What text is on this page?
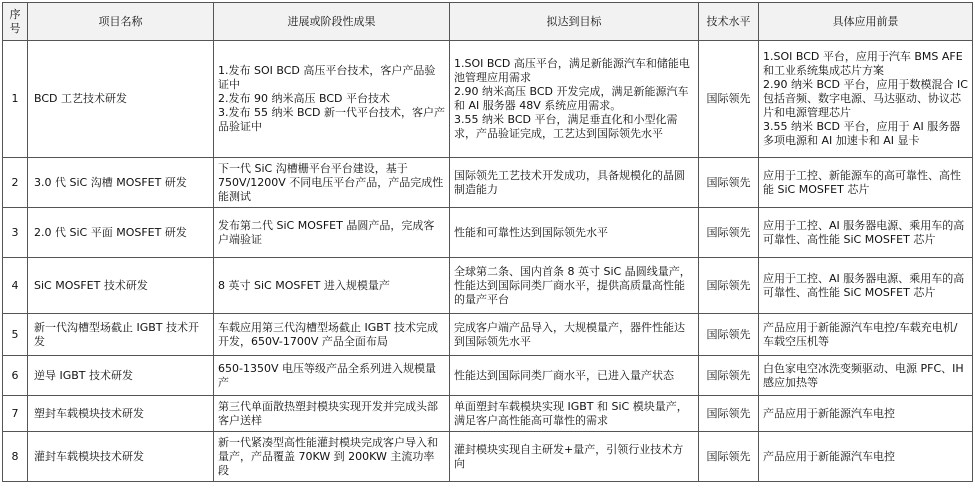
序号	项目名称	进展或阶段性成果	拟达到目标	技术水平	具体应用前景
1	BCD 工艺技术研发	1.发布 SOI BCD 高压平台技术，客户产品验证中
2.发布 90 纳米高压 BCD 平台技术
3.发布 55 纳米 BCD 新一代平台技术，客户产品验证中	1.SOI BCD 高压平台，满足新能源汽车和储能电池管理应用需求
2.90 纳米高压 BCD 开发完成，满足新能源汽车和 AI 服务器 48V 系统应用需求。
3.55 纳米 BCD 平台，满足垂直化和小型化需求，产品验证完成，工艺达到国际领先水平	国际领先	1.SOI BCD 平台，应用于汽车 BMS AFE 和工业系统集成芯片方案
2.90 纳米 BCD 平台，应用于数模混合 IC 包括音频、数字电源、马达驱动、协议芯片和电源管理芯片
3.55 纳米 BCD 平台，应用于 AI 服务器多项电源和 AI 加速卡和 AI 显卡
2	3.0 代 SiC 沟槽 MOSFET 研发	下一代 SiC 沟槽栅平台平台建设，基于 750V/1200V 不同电压平台产品，产品完成性能测试	国际领先工艺技术开发成功，具备规模化的晶圆制造能力	国际领先	应用于工控、新能源车的高可靠性、高性能 SiC MOSFET 芯片
3	2.0 代 SiC 平面 MOSFET 研发	发布第二代 SiC MOSFET 晶圆产品，完成客户端验证	性能和可靠性达到国际领先水平	国际领先	应用于工控、AI 服务器电源、乘用车的高可靠性、高性能 SiC MOSFET 芯片
4	SiC MOSFET 技术研发	8 英寸 SiC MOSFET 进入规模量产	全球第二条、国内首条 8 英寸 SiC 晶圆线量产，性能达到国际同类厂商水平，提供高质量高性能的量产平台	国际领先	应用于工控、AI 服务器电源、乘用车的高可靠性、高性能 SiC MOSFET 芯片
5	新一代沟槽型场截止 IGBT 技术开发	车载应用第三代沟槽型场截止 IGBT 技术完成开发，650V-1700V 产品全面布局	完成客户端产品导入，大规模量产，器件性能达到国际领先水平	国际领先	产品应用于新能源汽车电控/车载充电机/车载空压机等
6	逆导 IGBT 技术研发	650-1350V 电压等级产品全系列进入规模量产	性能达到国际同类厂商水平，已进入量产状态	国际领先	白色家电空冰洗变频驱动、电源 PFC、IH 感应加热等
7	塑封车载模块技术研发	第三代单面散热塑封模块实现开发并完成头部客户送样	单面塑封车载模块实现 IGBT 和 SiC 模块量产，满足客户高性能高可靠性的需求	国际领先	产品应用于新能源汽车电控
8	灌封车载模块技术研发	新一代紧凑型高性能灌封模块完成客户导入和量产，产品覆盖 70KW 到 200KW 主流功率段	灌封模块实现自主研发+量产，引领行业技术方向	国际领先	产品应用于新能源汽车电控
